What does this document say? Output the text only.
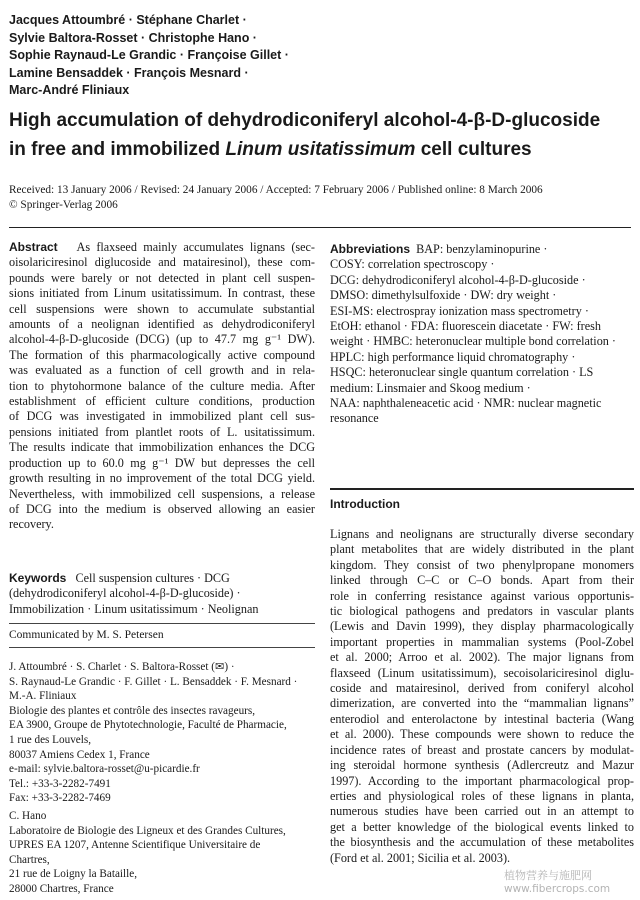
Jacques Attoumbré · Stéphane Charlet ·
Sylvie Baltora-Rosset · Christophe Hano ·
Sophie Raynaud-Le Grandic · Françoise Gillet ·
Lamine Bensaddek · François Mesnard ·
Marc-André Fliniaux
High accumulation of dehydrodiconiferyl alcohol-4-β-D-glucoside
in free and immobilized Linum usitatissimum cell cultures
Received: 13 January 2006 / Revised: 24 January 2006 / Accepted: 7 February 2006 / Published online: 8 March 2006
© Springer-Verlag 2006
Abstract As flaxseed mainly accumulates lignans (sec-
oisolariciresinol diglucoside and matairesinol), these com-
pounds were barely or not detected in plant cell suspen-
sions initiated from Linum usitatissimum. In contrast, these
cell suspensions were shown to accumulate substantial
amounts of a neolignan identified as dehydrodiconiferyl
alcohol-4-β-D-glucoside (DCG) (up to 47.7 mg g⁻¹ DW).
The formation of this pharmacologically active compound
was evaluated as a function of cell growth and in rela-
tion to phytohormone balance of the culture media. After
establishment of efficient culture conditions, production
of DCG was investigated in immobilized plant cell sus-
pensions initiated from plantlet roots of L. usitatissimum.
The results indicate that immobilization enhances the DCG
production up to 60.0 mg g⁻¹ DW but depresses the cell
growth resulting in no improvement of the total DCG yield.
Nevertheless, with immobilized cell suspensions, a release
of DCG into the medium is observed allowing an easier
recovery.
Keywords Cell suspension cultures · DCG
(dehydrodiconiferyl alcohol-4-β-D-glucoside) ·
Immobilization · Linum usitatissimum · Neolignan
Communicated by M. S. Petersen
J. Attoumbré · S. Charlet · S. Baltora-Rosset (✉) ·
S. Raynaud-Le Grandic · F. Gillet · L. Bensaddek · F. Mesnard ·
M.-A. Fliniaux
Biologie des plantes et contrôle des insectes ravageurs,
EA 3900, Groupe de Phytotechnologie, Faculté de Pharmacie,
1 rue des Louvels,
80037 Amiens Cedex 1, France
e-mail: sylvie.baltora-rosset@u-picardie.fr
Tel.: +33-3-2282-7491
Fax: +33-3-2282-7469
C. Hano
Laboratoire de Biologie des Ligneux et des Grandes Cultures,
UPRES EA 1207, Antenne Scientifique Universitaire de
Chartres,
21 rue de Loigny la Bataille,
28000 Chartres, France
Abbreviations BAP: benzylaminopurine ·
COSY: correlation spectroscopy ·
DCG: dehydrodiconiferyl alcohol-4-β-D-glucoside ·
DMSO: dimethylsulfoxide · DW: dry weight ·
ESI-MS: electrospray ionization mass spectrometry ·
EtOH: ethanol · FDA: fluorescein diacetate · FW: fresh
weight · HMBC: heteronuclear multiple bond correlation ·
HPLC: high performance liquid chromatography ·
HSQC: heteronuclear single quantum correlation · LS
medium: Linsmaier and Skoog medium ·
NAA: naphthaleneacetic acid · NMR: nuclear magnetic
resonance
Introduction
Lignans and neolignans are structurally diverse secondary
plant metabolites that are widely distributed in the plant
kingdom. They consist of two phenylpropane monomers
linked through C–C or C–O bonds. Apart from their
role in conferring resistance against various opportunis-
tic biological pathogens and predators in vascular plants
(Lewis and Davin 1999), they display pharmacologically
important properties in mammalian systems (Pool-Zobel
et al. 2000; Arroo et al. 2002). The major lignans from
flaxseed (Linum usitatissimum), secoisolariciresinol diglu-
coside and matairesinol, derived from coniferyl alcohol
dimerization, are converted into the “mammalian lignans”
enterodiol and enterolactone by intestinal bacteria (Wang
et al. 2000). These compounds were shown to reduce the
incidence rates of breast and prostate cancers by modulat-
ing steroidal hormone synthesis (Adlercreutz and Mazur
1997). According to the important pharmacological prop-
erties and physiological roles of these lignans in planta,
numerous studies have been carried out in an attempt to
get a better knowledge of the biological events linked to
the biosynthesis and the accumulation of these metabolites
(Ford et al. 2001; Sicilia et al. 2003).
植物营养与施肥网
www.fibercrops.com
